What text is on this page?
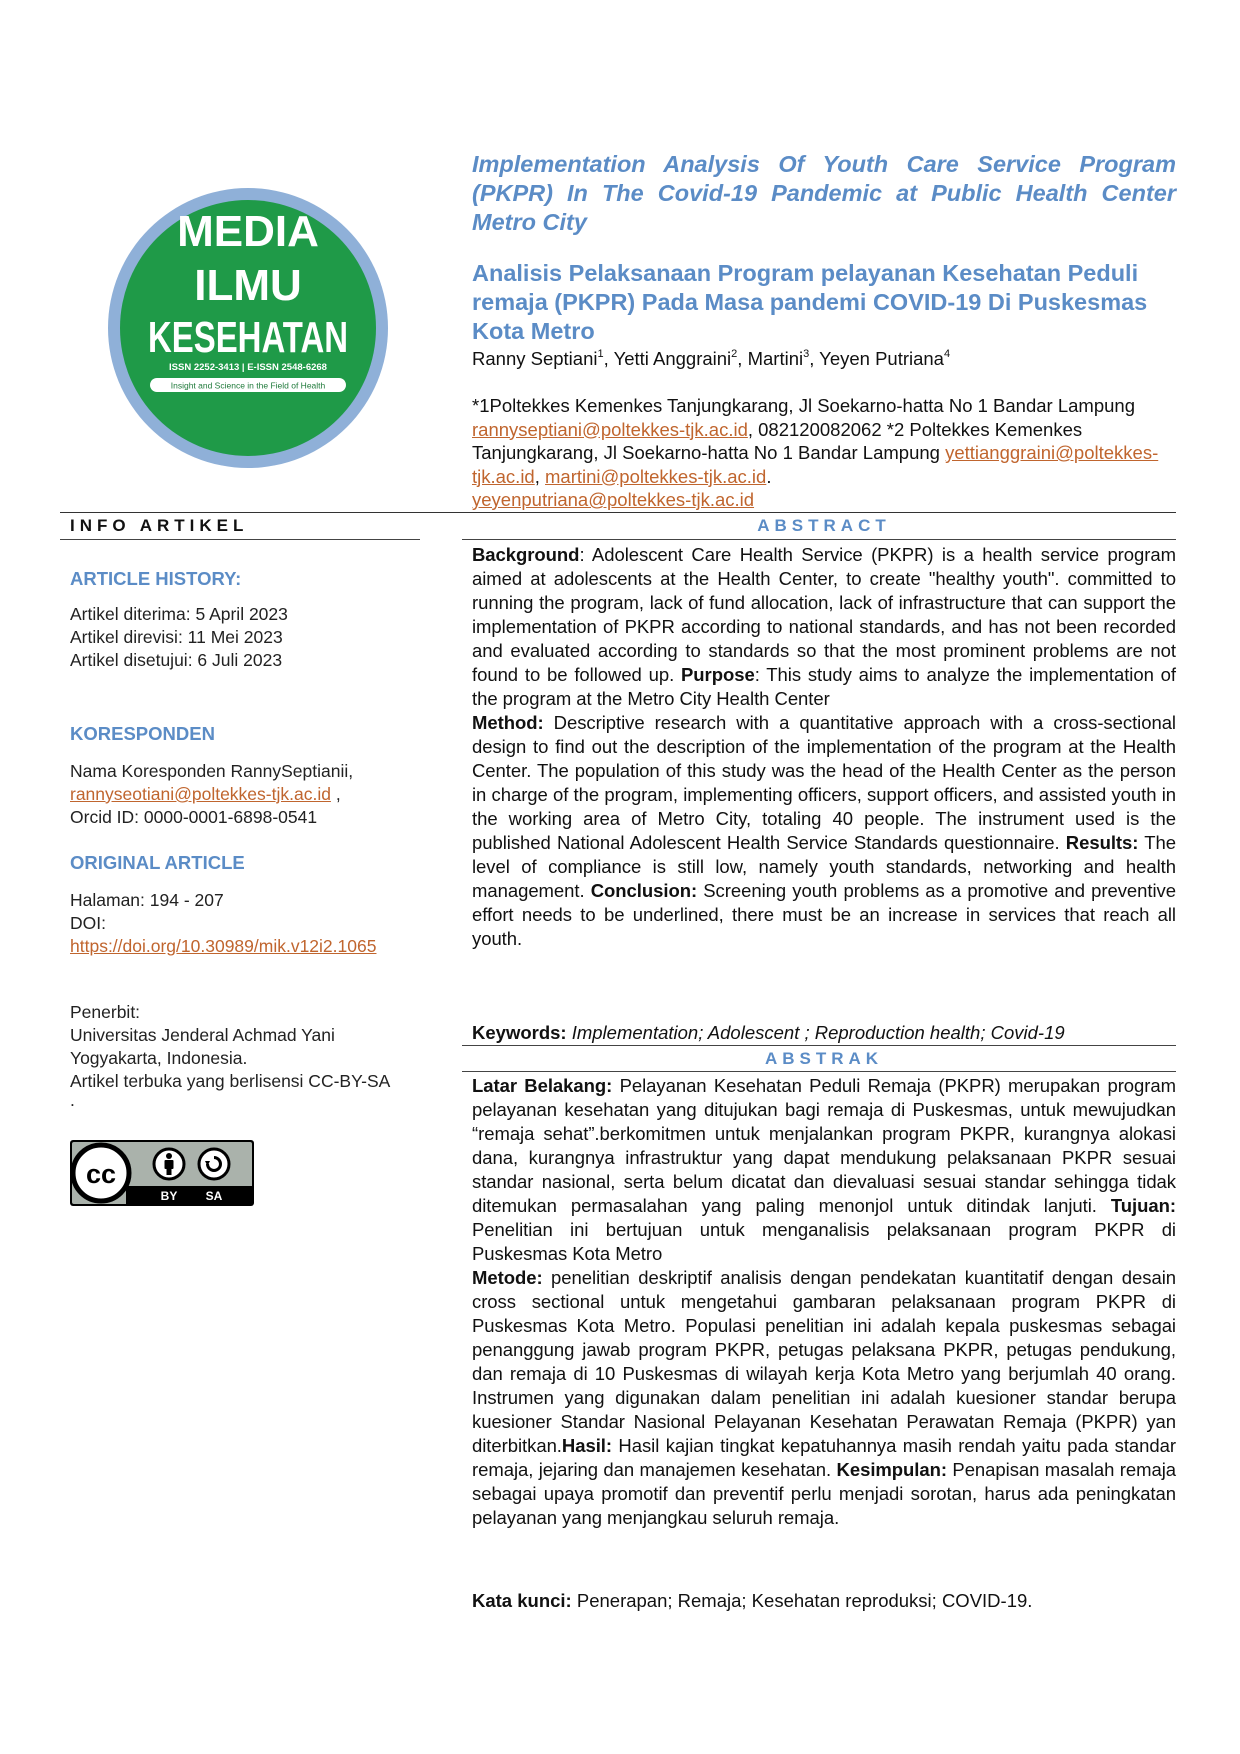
MEDIA
ILMU
KESEHATAN
ISSN 2252-3413 | E-ISSN 2548-6268
Insight and Science in the Field of Health
Implementation Analysis Of Youth Care Service Program (PKPR) In The Covid-19 Pandemic at Public Health Center Metro City
Analisis Pelaksanaan Program pelayanan Kesehatan Peduli remaja (PKPR) Pada Masa pandemi COVID-19 Di Puskesmas Kota Metro
Ranny Septiani$^1$, Yetti Anggraini$^2$, Martini$^3$, Yeyen Putriana$^4$
*1Poltekkes Kemenkes Tanjungkarang, Jl Soekarno-hatta No 1 Bandar Lampung rannyseptiani@poltekkes-tjk.ac.id, 082120082062 *2 Poltekkes Kemenkes Tanjungkarang, Jl Soekarno-hatta No 1 Bandar Lampung yettianggraini@poltekkes-tjk.ac.id, martini@poltekkes-tjk.ac.id.
yeyenputriana@poltekkes-tjk.ac.id
INFO ARTIKEL	ABSTRACT
ARTICLE HISTORY:

Artikel diterima: 5 April 2023

Artikel direvisi: 11 Mei 2023

Artikel disetujui: 6 Juli 2023

KORESPONDEN

Nama Koresponden RannySeptianii,

rannyseotiani@poltekkes-tjk.ac.id ,

Orcid ID: 0000-0001-6898-0541

ORIGINAL ARTICLE

Halaman: 194 - 207

DOI:

https://doi.org/10.30989/mik.v12i2.1065

Penerbit:

Universitas Jenderal Achmad Yani Yogyakarta, Indonesia.

Artikel terbuka yang berlisensi CC-BY-SA

.

cc
BY SA

Background: Adolescent Care Health Service (PKPR) is a health service program aimed at adolescents at the Health Center, to create "healthy youth". committed to running the program, lack of fund allocation, lack of infrastructure that can support the implementation of PKPR according to national standards, and has not been recorded and evaluated according to standards so that the most prominent problems are not found to be followed up. Purpose: This study aims to analyze the implementation of the program at the Metro City Health Center

Method: Descriptive research with a quantitative approach with a cross-sectional design to find out the description of the implementation of the program at the Health Center. The population of this study was the head of the Health Center as the person in charge of the program, implementing officers, support officers, and assisted youth in the working area of Metro City, totaling 40 people. The instrument used is the published National Adolescent Health Service Standards questionnaire. Results: The level of compliance is still low, namely youth standards, networking and health management. Conclusion: Screening youth problems as a promotive and preventive effort needs to be underlined, there must be an increase in services that reach all youth.

Keywords: Implementation; Adolescent ; Reproduction health; Covid-19
ABSTRAK

Latar Belakang: Pelayanan Kesehatan Peduli Remaja (PKPR) merupakan program pelayanan kesehatan yang ditujukan bagi remaja di Puskesmas, untuk mewujudkan “remaja sehat”.berkomitmen untuk menjalankan program PKPR, kurangnya alokasi dana, kurangnya infrastruktur yang dapat mendukung pelaksanaan PKPR sesuai standar nasional, serta belum dicatat dan dievaluasi sesuai standar sehingga tidak ditemukan permasalahan yang paling menonjol untuk ditindak lanjuti. Tujuan: Penelitian ini bertujuan untuk menganalisis pelaksanaan program PKPR di Puskesmas Kota Metro

Metode: penelitian deskriptif analisis dengan pendekatan kuantitatif dengan desain cross sectional untuk mengetahui gambaran pelaksanaan program PKPR di Puskesmas Kota Metro. Populasi penelitian ini adalah kepala puskesmas sebagai penanggung jawab program PKPR, petugas pelaksana PKPR, petugas pendukung, dan remaja di 10 Puskesmas di wilayah kerja Kota Metro yang berjumlah 40 orang. Instrumen yang digunakan dalam penelitian ini adalah kuesioner standar berupa kuesioner Standar Nasional Pelayanan Kesehatan Perawatan Remaja (PKPR) yan diterbitkan.Hasil: Hasil kajian tingkat kepatuhannya masih rendah yaitu pada standar remaja, jejaring dan manajemen kesehatan. Kesimpulan: Penapisan masalah remaja sebagai upaya promotif dan preventif perlu menjadi sorotan, harus ada peningkatan pelayanan yang menjangkau seluruh remaja.

Kata kunci: Penerapan; Remaja; Kesehatan reproduksi; COVID-19.
